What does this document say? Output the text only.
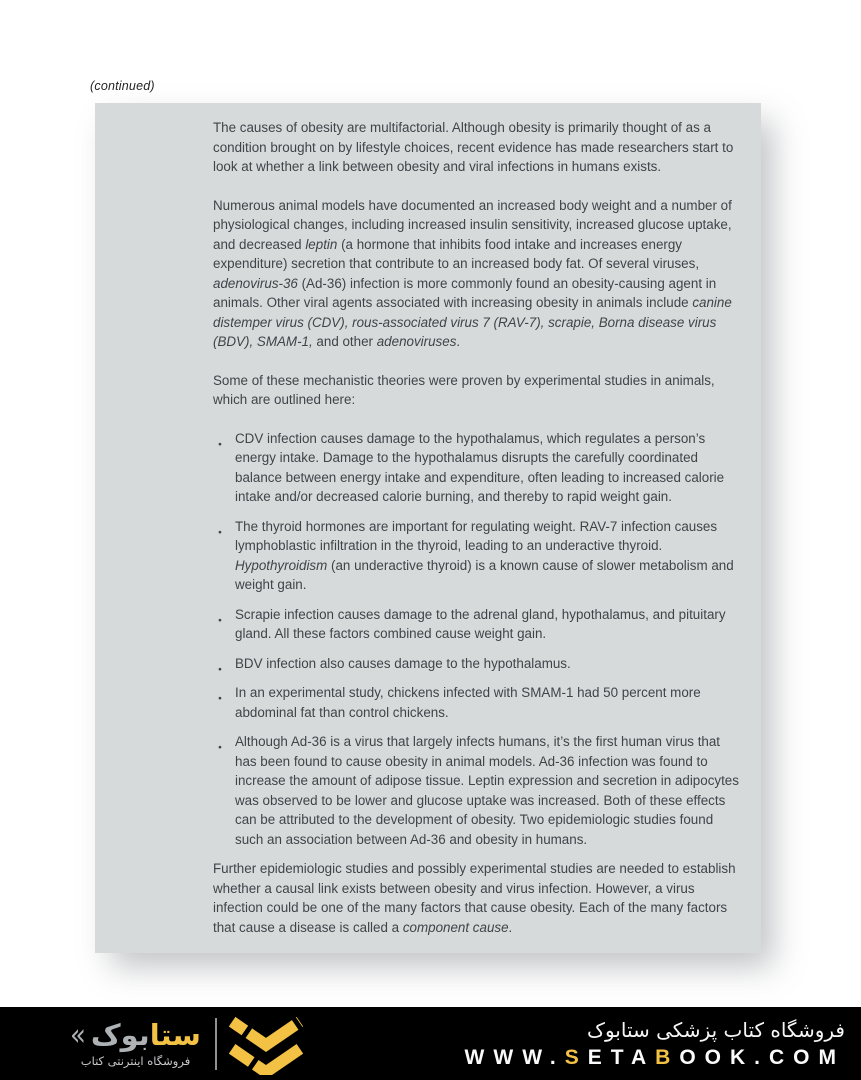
(continued)
The causes of obesity are multifactorial. Although obesity is primarily thought of as a condition brought on by lifestyle choices, recent evidence has made researchers start to look at whether a link between obesity and viral infections in humans exists.
Numerous animal models have documented an increased body weight and a number of physiological changes, including increased insulin sensitivity, increased glucose uptake, and decreased leptin (a hormone that inhibits food intake and increases energy expenditure) secretion that contribute to an increased body fat. Of several viruses, adenovirus-36 (Ad-36) infection is more commonly found an obesity-causing agent in animals. Other viral agents associated with increasing obesity in animals include canine distemper virus (CDV), rous-associated virus 7 (RAV-7), scrapie, Borna disease virus (BDV), SMAM-1, and other adenoviruses.
Some of these mechanistic theories were proven by experimental studies in animals, which are outlined here:
● CDV infection causes damage to the hypothalamus, which regulates a person’s energy intake. Damage to the hypothalamus disrupts the carefully coordinated balance between energy intake and expenditure, often leading to increased calorie intake and/or decreased calorie burning, and thereby to rapid weight gain.
● The thyroid hormones are important for regulating weight. RAV-7 infection causes lymphoblastic infiltration in the thyroid, leading to an underactive thyroid. Hypothyroidism (an underactive thyroid) is a known cause of slower metabolism and weight gain.
● Scrapie infection causes damage to the adrenal gland, hypothalamus, and pituitary gland. All these factors combined cause weight gain.
● BDV infection also causes damage to the hypothalamus.
● In an experimental study, chickens infected with SMAM-1 had 50 percent more abdominal fat than control chickens.
● Although Ad-36 is a virus that largely infects humans, it’s the first human virus that has been found to cause obesity in animal models. Ad-36 infection was found to increase the amount of adipose tissue. Leptin expression and secretion in adipocytes was observed to be lower and glucose uptake was increased. Both of these effects can be attributed to the development of obesity. Two epidemiologic studies found such an association between Ad-36 and obesity in humans.
Further epidemiologic studies and possibly experimental studies are needed to establish whether a causal link exists between obesity and virus infection. However, a virus infection could be one of the many factors that cause obesity. Each of the many factors that cause a disease is called a component cause.
«	ستابوک
فروشگاه اینترنتی کتاب
فروشگاه کتاب پزشکی ستابوک
WWW.SETABOOK.COM
